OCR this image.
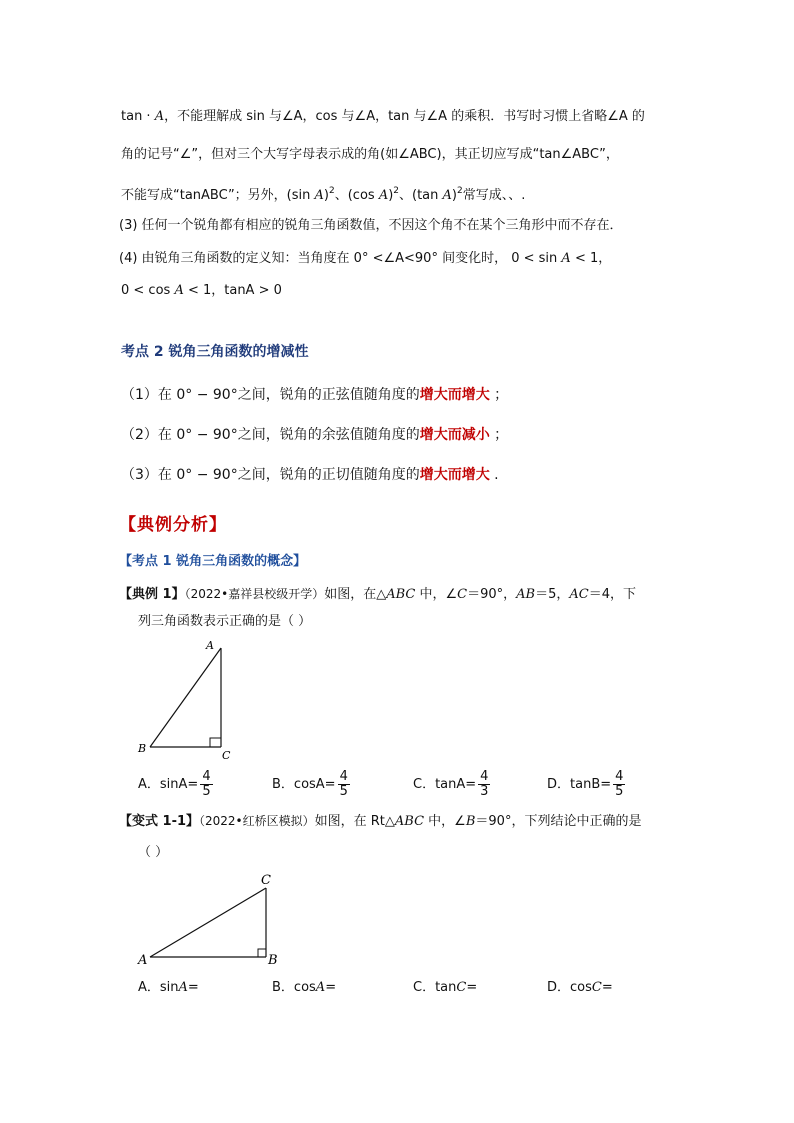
tan · A，不能理解成 sin 与∠A，cos 与∠A，tan 与∠A 的乘积．书写时习惯上省略∠A 的
角的记号“∠”，但对三个大写字母表示成的角(如∠ABC)，其正切应写成“tan∠ABC”，
不能写成“tanABC”；另外，(sin A)$^2$、(cos A)$^2$、(tan A)$^2$常写成、、.
(3) 任何一个锐角都有相应的锐角三角函数值，不因这个角不在某个三角形中而不存在．
(4) 由锐角三角函数的定义知：当角度在 0° <∠A<90° 间变化时， 0 < sin A < 1，
0 < cos A < 1，tanA > 0
考点 2 锐角三角函数的增减性
（1）在 0° − 90°之间，锐角的正弦值随角度的增大而增大 ；
（2）在 0° − 90°之间，锐角的余弦值随角度的增大而减小 ；
（3）在 0° − 90°之间，锐角的正切值随角度的增大而增大 .
【典例分析】
【考点 1 锐角三角函数的概念】
【典例 1】（2022•嘉祥县校级开学）如图，在△ABC 中，∠C＝90°，AB＝5，AC＝4，下
列三角函数表示正确的是（ ）
A
B
C
A．$\sin A= \frac{4}{5}$	B．$\cos A= \frac{4}{5}$	C．$\tan A= \frac{4}{3}$	D．$\tan B= \frac{4}{5}$
【变式 1-1】（2022•红桥区模拟）如图，在 Rt△ABC 中，∠B＝90°，下列结论中正确的是
（ ）
C
A	B
A．sinA=	B．cosA=	C．tanC=	D．cosC=
